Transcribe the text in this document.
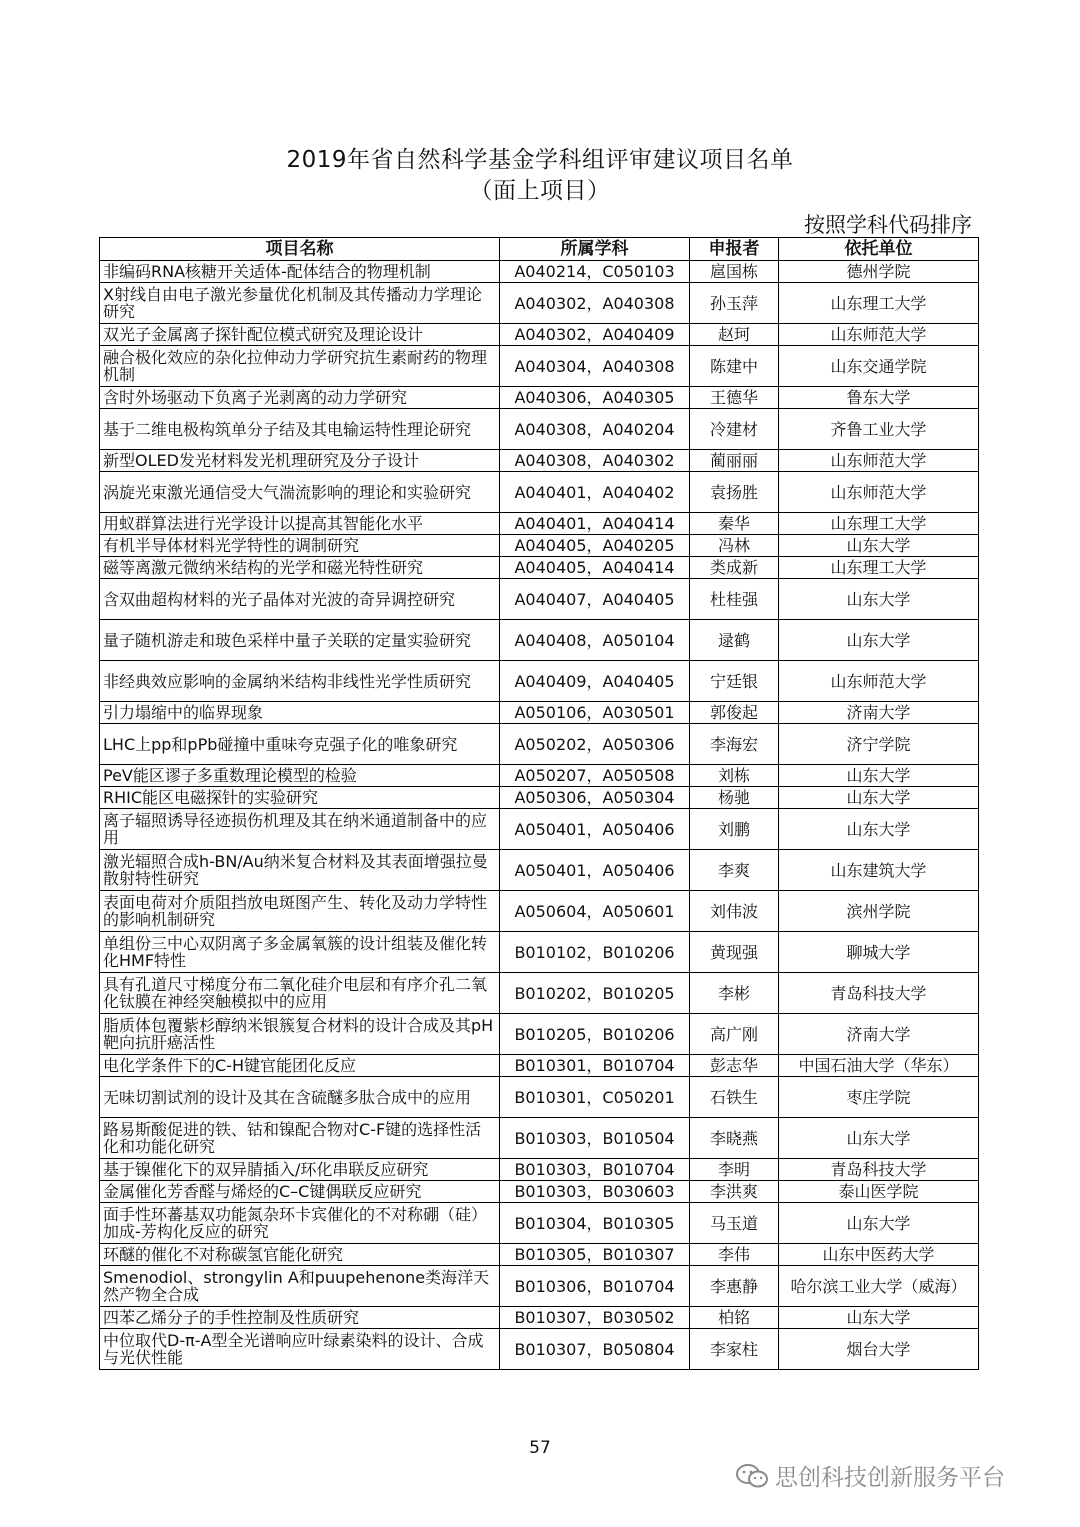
2019年省自然科学基金学科组评审建议项目名单
（面上项目）
按照学科代码排序
项目名称	所属学科	申报者	依托单位
非编码RNA核糖开关适体-配体结合的物理机制	A040214，C050103	扈国栋	德州学院
X射线自由电子激光参量优化机制及其传播动力学理论研究	A040302，A040308	孙玉萍	山东理工大学
双光子金属离子探针配位模式研究及理论设计	A040302，A040409	赵珂	山东师范大学
融合极化效应的杂化拉伸动力学研究抗生素耐药的物理机制	A040304，A040308	陈建中	山东交通学院
含时外场驱动下负离子光剥离的动力学研究	A040306，A040305	王德华	鲁东大学
基于二维电极构筑单分子结及其电输运特性理论研究	A040308，A040204	冷建材	齐鲁工业大学
新型OLED发光材料发光机理研究及分子设计	A040308，A040302	蔺丽丽	山东师范大学
涡旋光束激光通信受大气湍流影响的理论和实验研究	A040401，A040402	袁扬胜	山东师范大学
用蚁群算法进行光学设计以提高其智能化水平	A040401，A040414	秦华	山东理工大学
有机半导体材料光学特性的调制研究	A040405，A040205	冯林	山东大学
磁等离激元微纳米结构的光学和磁光特性研究	A040405，A040414	类成新	山东理工大学
含双曲超构材料的光子晶体对光波的奇异调控研究	A040407，A040405	杜桂强	山东大学
量子随机游走和玻色采样中量子关联的定量实验研究	A040408，A050104	逯鹤	山东大学
非经典效应影响的金属纳米结构非线性光学性质研究	A040409，A040405	宁廷银	山东师范大学
引力塌缩中的临界现象	A050106，A030501	郭俊起	济南大学
LHC上pp和pPb碰撞中重味夸克强子化的唯象研究	A050202，A050306	李海宏	济宁学院
PeV能区谬子多重数理论模型的检验	A050207，A050508	刘栋	山东大学
RHIC能区电磁探针的实验研究	A050306，A050304	杨驰	山东大学
离子辐照诱导径迹损伤机理及其在纳米通道制备中的应用	A050401，A050406	刘鹏	山东大学
激光辐照合成h-BN/Au纳米复合材料及其表面增强拉曼散射特性研究	A050401，A050406	李爽	山东建筑大学
表面电荷对介质阻挡放电斑图产生、转化及动力学特性的影响机制研究	A050604，A050601	刘伟波	滨州学院
单组份三中心双阴离子多金属氧簇的设计组装及催化转化HMF特性	B010102，B010206	黄现强	聊城大学
具有孔道尺寸梯度分布二氧化硅介电层和有序介孔二氧化钛膜在神经突触模拟中的应用	B010202，B010205	李彬	青岛科技大学
脂质体包覆紫杉醇纳米银簇复合材料的设计合成及其pH靶向抗肝癌活性	B010205，B010206	高广刚	济南大学
电化学条件下的C-H键官能团化反应	B010301，B010704	彭志华	中国石油大学（华东）
无味切割试剂的设计及其在含硫醚多肽合成中的应用	B010301，C050201	石铁生	枣庄学院
路易斯酸促进的铁、钴和镍配合物对C-F键的选择性活化和功能化研究	B010303，B010504	李晓燕	山东大学
基于镍催化下的双异腈插入/环化串联反应研究	B010303，B010704	李明	青岛科技大学
金属催化芳香醛与烯烃的C–C键偶联反应研究	B010303，B030603	李洪爽	泰山医学院
面手性环蕃基双功能氮杂环卡宾催化的不对称硼（硅）加成-芳构化反应的研究	B010304，B010305	马玉道	山东大学
环醚的催化不对称碳氢官能化研究	B010305，B010307	李伟	山东中医药大学
Smenodiol、strongylin A和puupehenone类海洋天然产物全合成	B010306，B010704	李惠静	哈尔滨工业大学（威海）
四苯乙烯分子的手性控制及性质研究	B010307，B030502	柏铭	山东大学
中位取代D-π-A型全光谱响应叶绿素染料的设计、合成与光伏性能	B010307，B050804	李家柱	烟台大学
57
思创科技创新服务平台
